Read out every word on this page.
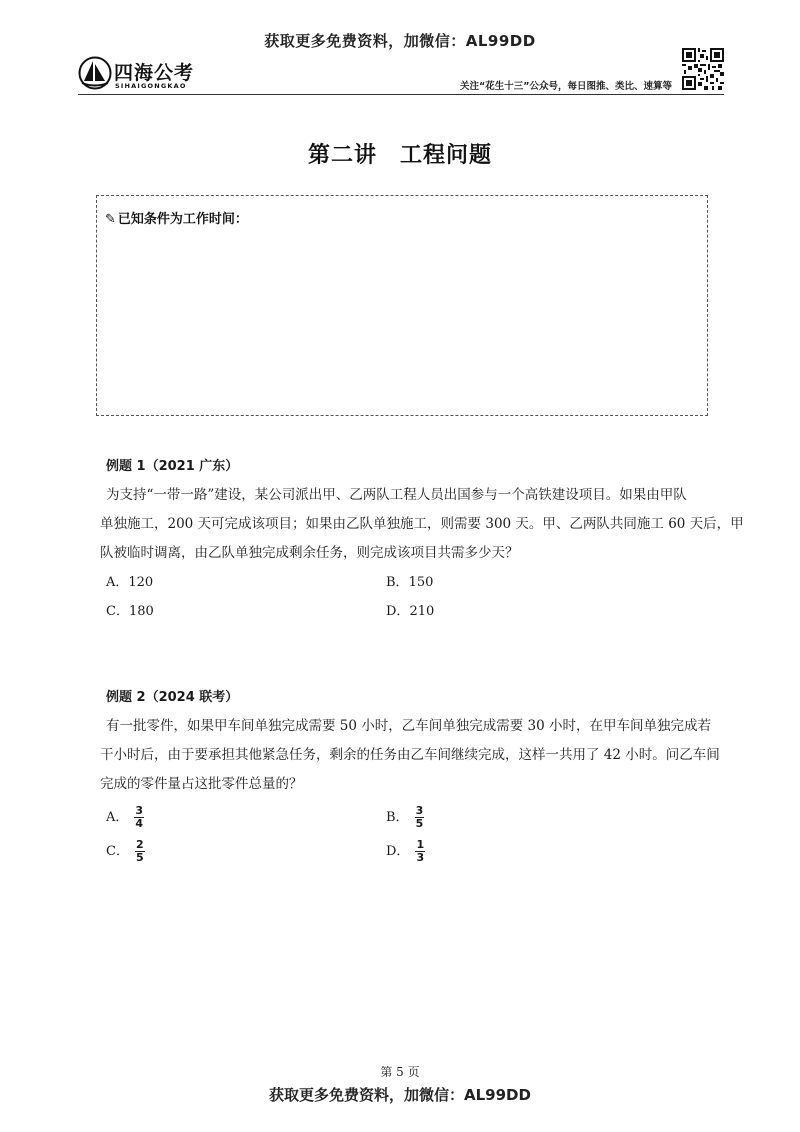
获取更多免费资料，加微信：AL99DD
四海公考
SIHAIGONGKAO	关注“花生十三”公众号，每日图推、类比、速算等
第二讲　工程问题
✎ 已知条件为工作时间：
例题 1（2021 广东）

为支持“一带一路”建设，某公司派出甲、乙两队工程人员出国参与一个高铁建设项目。如果由甲队

单独施工，200 天可完成该项目；如果由乙队单独施工，则需要 300 天。甲、乙两队共同施工 60 天后，甲

队被临时调离，由乙队单独完成剩余任务，则完成该项目共需多少天？

A．120	B．150
C．180	D．210
例题 2（2024 联考）

有一批零件，如果甲车间单独完成需要 50 小时，乙车间单独完成需要 30 小时，在甲车间单独完成若

干小时后，由于要承担其他紧急任务，剩余的任务由乙车间继续完成，这样一共用了 42 小时。问乙车间

完成的零件量占这批零件总量的？

A． $\frac{3}{4}$	B． $\frac{3}{5}$
C． $\frac{2}{5}$	D． $\frac{1}{3}$
第 5 页
获取更多免费资料，加微信：AL99DD
